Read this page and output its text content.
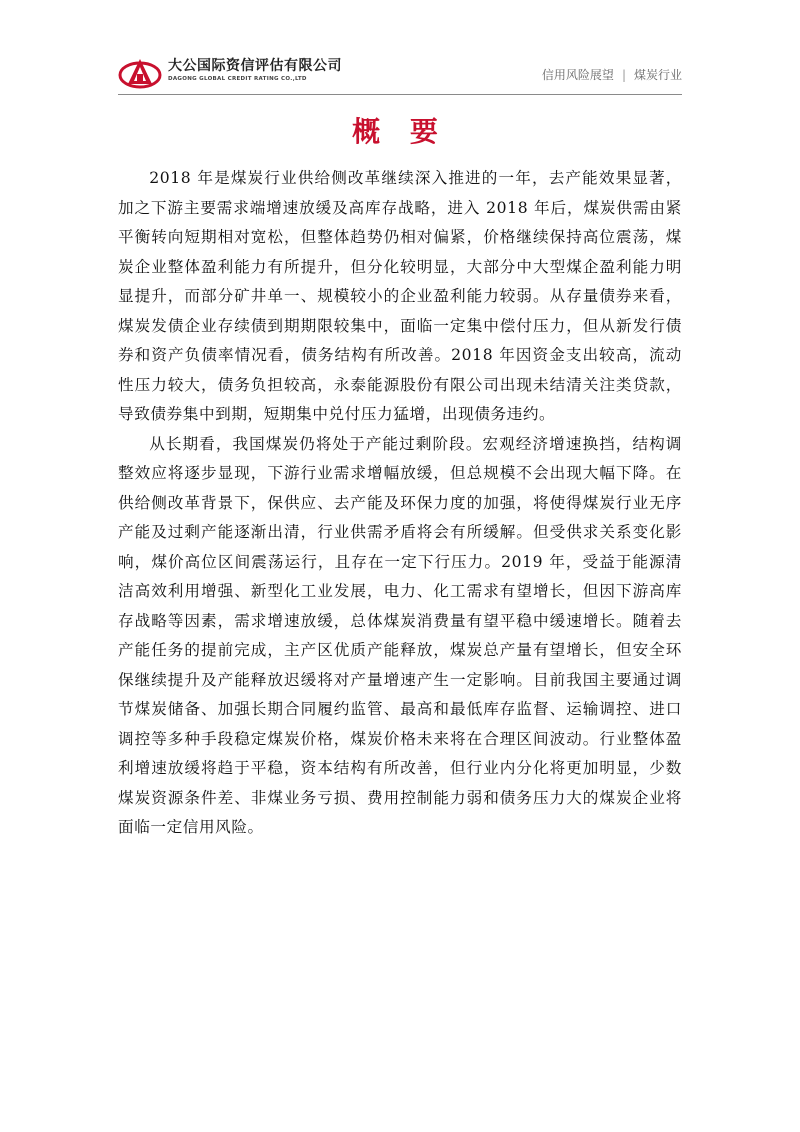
大公国际资信评估有限公司
DAGONG GLOBAL CREDIT RATING CO.,LTD	信用风险展望 | 煤炭行业
概 要

2018 年是煤炭行业供给侧改革继续深入推进的一年，去产能效果显著，加之下游主要需求端增速放缓及高库存战略，进入 2018 年后，煤炭供需由紧平衡转向短期相对宽松，但整体趋势仍相对偏紧，价格继续保持高位震荡，煤炭企业整体盈利能力有所提升，但分化较明显，大部分中大型煤企盈利能力明显提升，而部分矿井单一、规模较小的企业盈利能力较弱。从存量债券来看，煤炭发债企业存续债到期期限较集中，面临一定集中偿付压力，但从新发行债券和资产负债率情况看，债务结构有所改善。2018 年因资金支出较高，流动性压力较大，债务负担较高，永泰能源股份有限公司出现未结清关注类贷款，导致债券集中到期，短期集中兑付压力猛增，出现债务违约。

从长期看，我国煤炭仍将处于产能过剩阶段。宏观经济增速换挡，结构调整效应将逐步显现，下游行业需求增幅放缓，但总规模不会出现大幅下降。在供给侧改革背景下，保供应、去产能及环保力度的加强，将使得煤炭行业无序产能及过剩产能逐渐出清，行业供需矛盾将会有所缓解。但受供求关系变化影响，煤价高位区间震荡运行，且存在一定下行压力。2019 年，受益于能源清洁高效利用增强、新型化工业发展，电力、化工需求有望增长，但因下游高库存战略等因素，需求增速放缓，总体煤炭消费量有望平稳中缓速增长。随着去产能任务的提前完成，主产区优质产能释放，煤炭总产量有望增长，但安全环保继续提升及产能释放迟缓将对产量增速产生一定影响。目前我国主要通过调节煤炭储备、加强长期合同履约监管、最高和最低库存监督、运输调控、进口调控等多种手段稳定煤炭价格，煤炭价格未来将在合理区间波动。行业整体盈利增速放缓将趋于平稳，资本结构有所改善，但行业内分化将更加明显，少数煤炭资源条件差、非煤业务亏损、费用控制能力弱和债务压力大的煤炭企业将面临一定信用风险。
